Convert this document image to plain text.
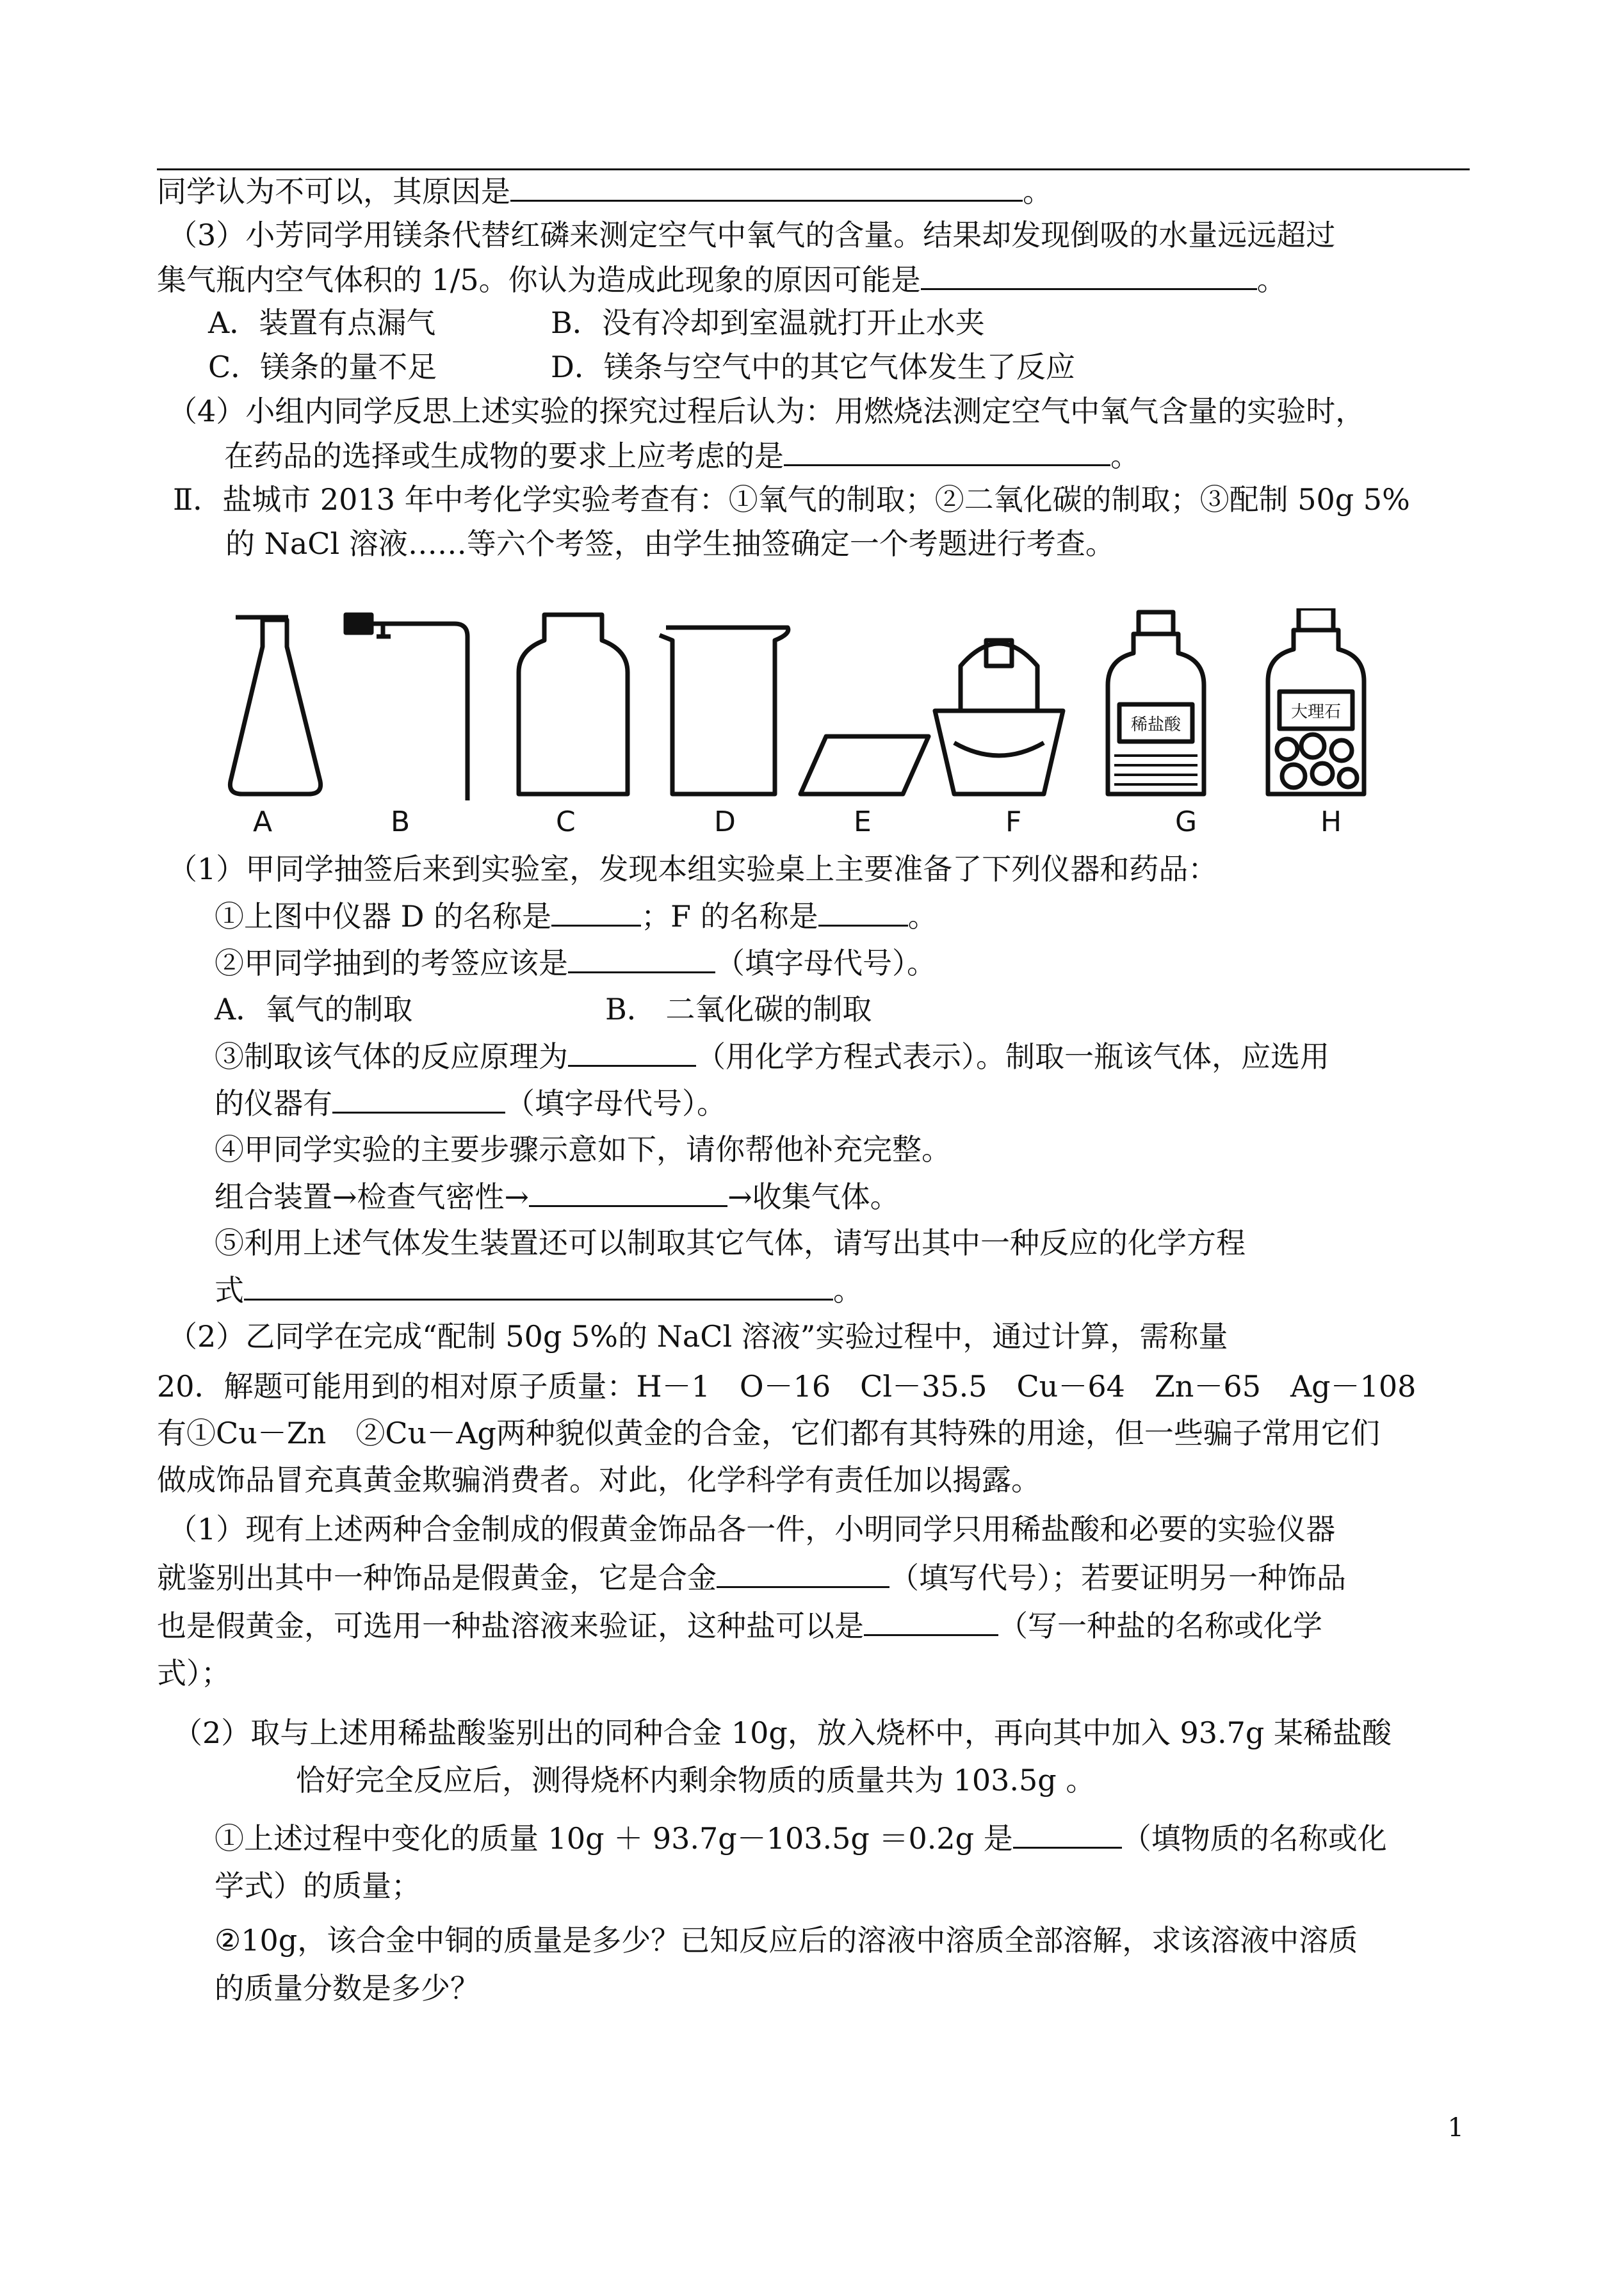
同学认为不可以，其原因是	。
（3）小芳同学用镁条代替红磷来测定空气中氧气的含量。结果却发现倒吸的水量远远超过
集气瓶内空气体积的 1/5。你认为造成此现象的原因可能是	。
A．装置有点漏气	B．没有冷却到室温就打开止水夹
C．镁条的量不足	D．镁条与空气中的其它气体发生了反应
（4）小组内同学反思上述实验的探究过程后认为：用燃烧法测定空气中氧气含量的实验时，
在药品的选择或生成物的要求上应考虑的是	。
Ⅱ．盐城市 2013 年中考化学实验考查有：①氧气的制取；②二氧化碳的制取；③配制 50g 5%
的 NaCl 溶液……等六个考签，由学生抽签确定一个考题进行考查。
稀盐酸
大理石
A	B	C	D	E	F	G	H
（1）甲同学抽签后来到实验室，发现本组实验桌上主要准备了下列仪器和药品：
①上图中仪器 D 的名称是	；F 的名称是	。
②甲同学抽到的考签应该是	（填字母代号）。
A．氧气的制取	B． 二氧化碳的制取
③制取该气体的反应原理为	（用化学方程式表示）。制取一瓶该气体，应选用
的仪器有	（填字母代号）。
④甲同学实验的主要步骤示意如下，请你帮他补充完整。
组合装置→检查气密性→	→收集气体。
⑤利用上述气体发生装置还可以制取其它气体，请写出其中一种反应的化学方程
式	。
（2）乙同学在完成“配制 50g 5%的 NaCl 溶液”实验过程中，通过计算，需称量
20．解题可能用到的相对原子质量：H－1　O－16　Cl－35.5　Cu－64　Zn－65　Ag－108
有①Cu－Zn　②Cu－Ag两种貌似黄金的合金，它们都有其特殊的用途，但一些骗子常用它们
做成饰品冒充真黄金欺骗消费者。对此，化学科学有责任加以揭露。
（1）现有上述两种合金制成的假黄金饰品各一件，小明同学只用稀盐酸和必要的实验仪器
就鉴别出其中一种饰品是假黄金，它是合金	（填写代号）；若要证明另一种饰品
也是假黄金，可选用一种盐溶液来验证，这种盐可以是	（写一种盐的名称或化学
式）；
（2）取与上述用稀盐酸鉴别出的同种合金 10g，放入烧杯中，再向其中加入 93.7g 某稀盐酸
恰好完全反应后，测得烧杯内剩余物质的质量共为 103.5g 。
①上述过程中变化的质量 10g ＋ 93.7g－103.5g ＝0.2g 是	（填物质的名称或化
学式）的质量；
②10g，该合金中铜的质量是多少？已知反应后的溶液中溶质全部溶解，求该溶液中溶质
的质量分数是多少？
1
